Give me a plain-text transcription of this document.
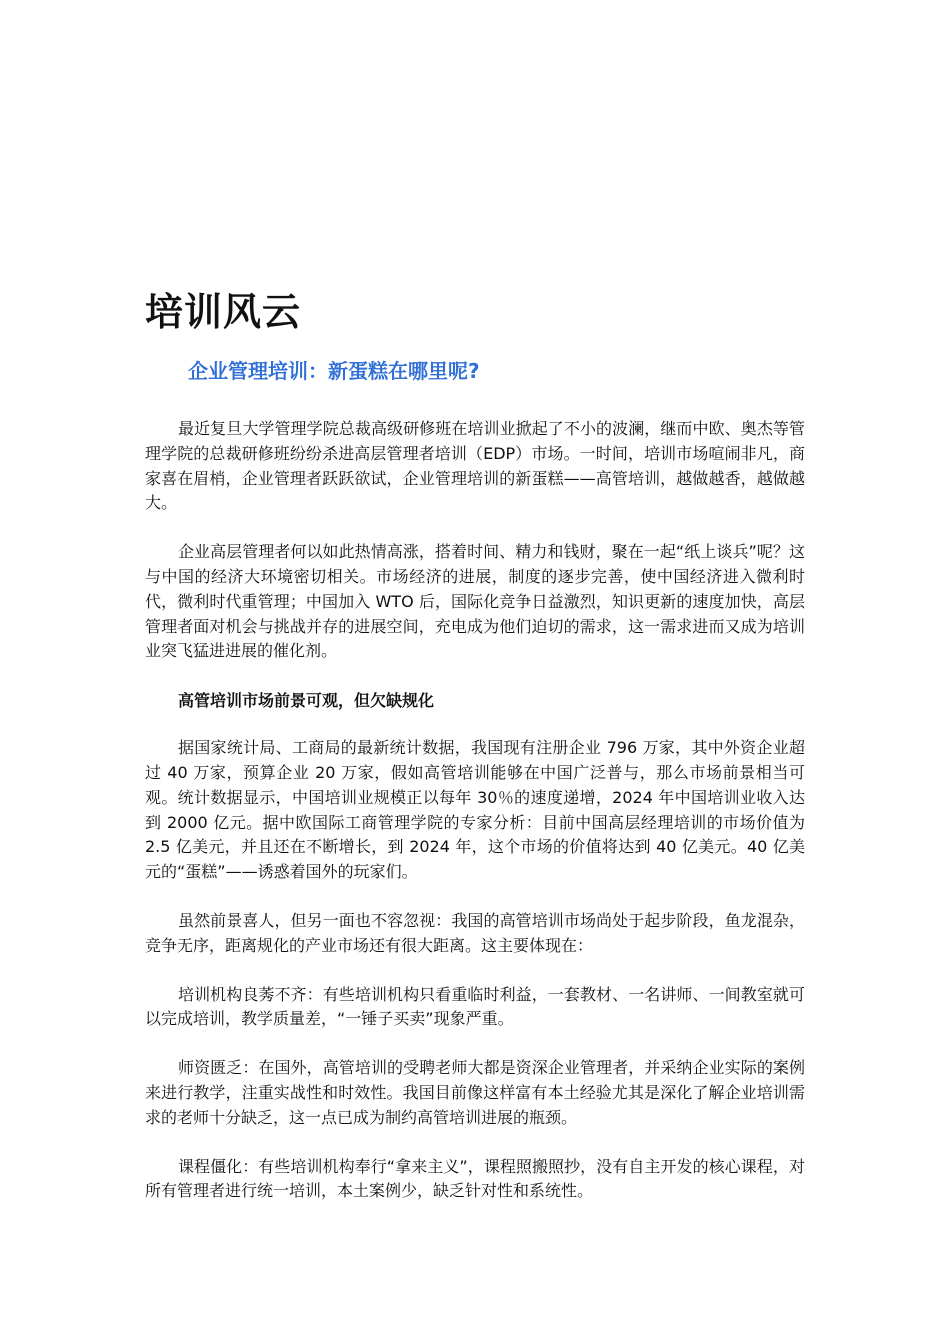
培训风云
企业管理培训：新蛋糕在哪里呢?

最近复旦大学管理学院总裁高级研修班在培训业掀起了不小的波澜，继而中欧、奥杰等管理学院的总裁研修班纷纷杀进高层管理者培训（EDP）市场。一时间，培训市场喧闹非凡，商家喜在眉梢，企业管理者跃跃欲试，企业管理培训的新蛋糕——高管培训，越做越香，越做越大。

企业高层管理者何以如此热情高涨，搭着时间、精力和钱财，聚在一起“纸上谈兵”呢？这与中国的经济大环境密切相关。市场经济的进展，制度的逐步完善，使中国经济进入微利时代，微利时代重管理；中国加入 WTO 后，国际化竞争日益激烈，知识更新的速度加快，高层管理者面对机会与挑战并存的进展空间，充电成为他们迫切的需求，这一需求进而又成为培训业突飞猛进进展的催化剂。

高管培训市场前景可观，但欠缺规化

据国家统计局、工商局的最新统计数据，我国现有注册企业 796 万家，其中外资企业超过 40 万家，预算企业 20 万家，假如高管培训能够在中国广泛普与，那么市场前景相当可观。统计数据显示，中国培训业规模正以每年 30％的速度递增，2024 年中国培训业收入达到 2000 亿元。据中欧国际工商管理学院的专家分析：目前中国高层经理培训的市场价值为 2.5 亿美元，并且还在不断增长，到 2024 年，这个市场的价值将达到 40 亿美元。40 亿美元的“蛋糕”——诱惑着国外的玩家们。

虽然前景喜人，但另一面也不容忽视：我国的高管培训市场尚处于起步阶段，鱼龙混杂，竞争无序，距离规化的产业市场还有很大距离。这主要体现在：

培训机构良莠不齐：有些培训机构只看重临时利益，一套教材、一名讲师、一间教室就可以完成培训，教学质量差，“一锤子买卖”现象严重。

师资匮乏：在国外，高管培训的受聘老师大都是资深企业管理者，并采纳企业实际的案例来进行教学，注重实战性和时效性。我国目前像这样富有本土经验尤其是深化了解企业培训需求的老师十分缺乏，这一点已成为制约高管培训进展的瓶颈。

课程僵化：有些培训机构奉行“拿来主义”，课程照搬照抄，没有自主开发的核心课程，对所有管理者进行统一培训，本土案例少，缺乏针对性和系统性。
